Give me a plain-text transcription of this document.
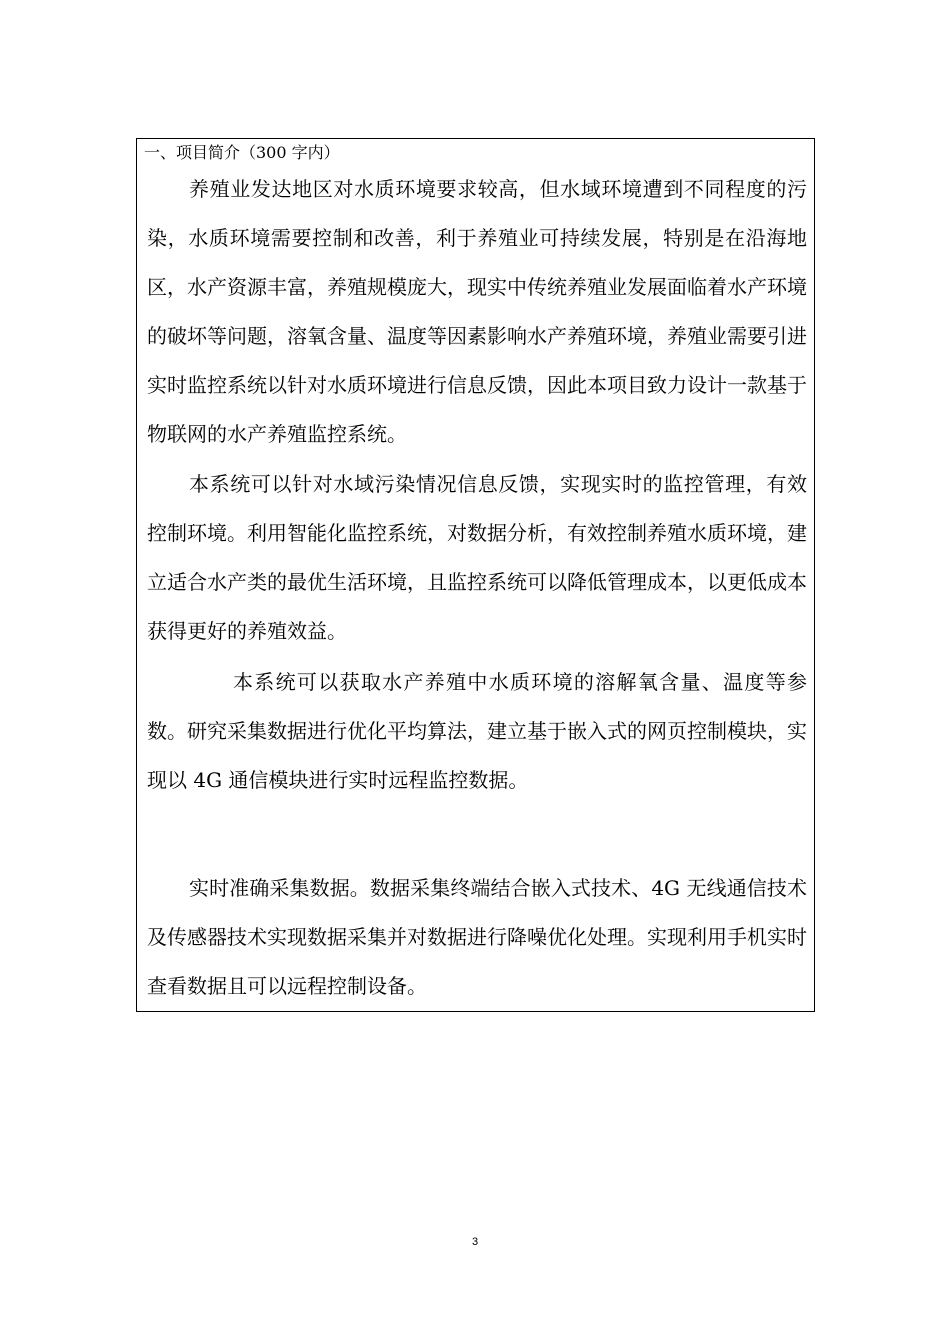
一、项目简介（300 字内）

养殖业发达地区对水质环境要求较高，但水域环境遭到不同程度的污染，水质环境需要控制和改善，利于养殖业可持续发展，特别是在沿海地区，水产资源丰富，养殖规模庞大，现实中传统养殖业发展面临着水产环境的破坏等问题，溶氧含量、温度等因素影响水产养殖环境，养殖业需要引进实时监控系统以针对水质环境进行信息反馈，因此本项目致力设计一款基于物联网的水产养殖监控系统。

本系统可以针对水域污染情况信息反馈，实现实时的监控管理，有效控制环境。利用智能化监控系统，对数据分析，有效控制养殖水质环境，建立适合水产类的最优生活环境，且监控系统可以降低管理成本，以更低成本获得更好的养殖效益。

本系统可以获取水产养殖中水质环境的溶解氧含量、温度等参数。研究采集数据进行优化平均算法，建立基于嵌入式的网页控制模块，实现以 4G 通信模块进行实时远程监控数据。

实时准确采集数据。数据采集终端结合嵌入式技术、4G 无线通信技术及传感器技术实现数据采集并对数据进行降噪优化处理。实现利用手机实时查看数据且可以远程控制设备。

3
